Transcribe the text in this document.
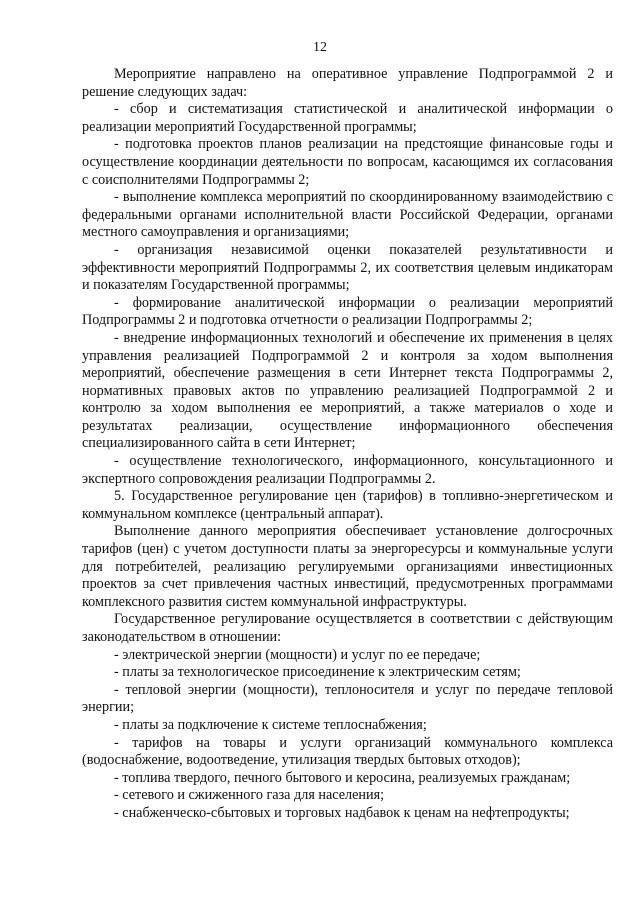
12

Мероприятие направлено на оперативное управление Подпрограммой 2 и решение следующих задач:

- сбор и систематизация статистической и аналитической информации о реализации мероприятий Государственной программы;

- подготовка проектов планов реализации на предстоящие финансовые годы и осуществление координации деятельности по вопросам, касающимся их согласования с соисполнителями Подпрограммы 2;

- выполнение комплекса мероприятий по скоординированному взаимодействию с федеральными органами исполнительной власти Российской Федерации, органами местного самоуправления и организациями;

- организация независимой оценки показателей результативности и эффективности мероприятий Подпрограммы 2, их соответствия целевым индикаторам и показателям Государственной программы;

- формирование аналитической информации о реализации мероприятий Подпрограммы 2 и подготовка отчетности о реализации Подпрограммы 2;

- внедрение информационных технологий и обеспечение их применения в целях управления реализацией Подпрограммой 2 и контроля за ходом выполнения мероприятий, обеспечение размещения в сети Интернет текста Подпрограммы 2, нормативных правовых актов по управлению реализацией Подпрограммой 2 и контролю за ходом выполнения ее мероприятий, а также материалов о ходе и результатах реализации, осуществление информационного обеспечения специализированного сайта в сети Интернет;

- осуществление технологического, информационного, консультационного и экспертного сопровождения реализации Подпрограммы 2.

5. Государственное регулирование цен (тарифов) в топливно-энергетическом и коммунальном комплексе (центральный аппарат).

Выполнение данного мероприятия обеспечивает установление долгосрочных тарифов (цен) с учетом доступности платы за энергоресурсы и коммунальные услуги для потребителей, реализацию регулируемыми организациями инвестиционных проектов за счет привлечения частных инвестиций, предусмотренных программами комплексного развития систем коммунальной инфраструктуры.

Государственное регулирование осуществляется в соответствии с действующим законодательством в отношении:

- электрической энергии (мощности) и услуг по ее передаче;

- платы за технологическое присоединение к электрическим сетям;

- тепловой энергии (мощности), теплоносителя и услуг по передаче тепловой энергии;

- платы за подключение к системе теплоснабжения;

- тарифов на товары и услуги организаций коммунального комплекса (водоснабжение, водоотведение, утилизация твердых бытовых отходов);

- топлива твердого, печного бытового и керосина, реализуемых гражданам;

- сетевого и сжиженного газа для населения;

- снабженческо-сбытовых и торговых надбавок к ценам на нефтепродукты;
